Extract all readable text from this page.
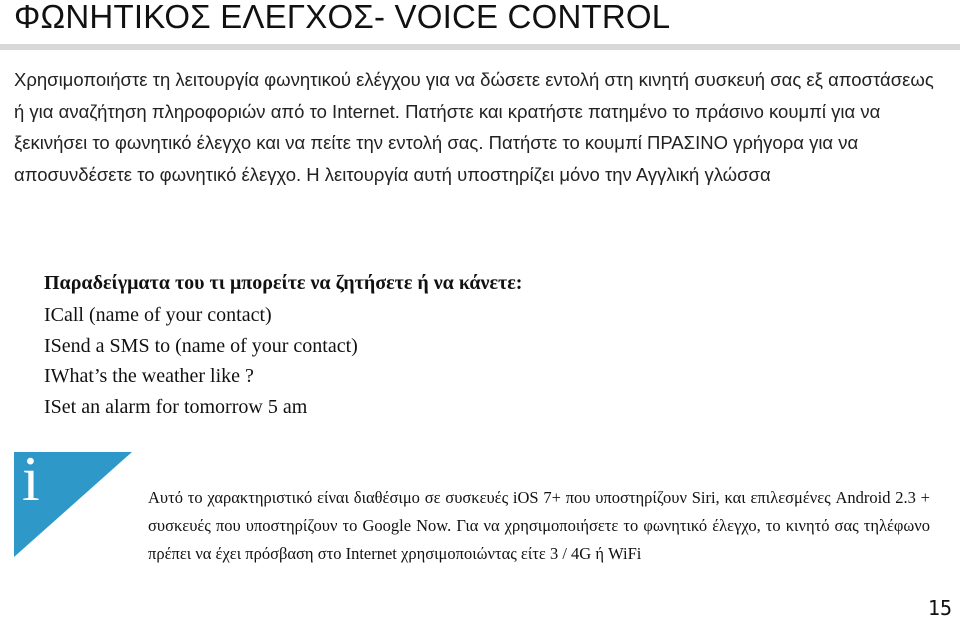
ΦΩΝΗΤΙΚΟΣ ΕΛΕΓΧΟΣ- VOICE CONTROL

Χρησιμοποιήστε τη λειτουργία φωνητικού ελέγχου για να δώσετε εντολή στη κινητή συσκευή σας εξ αποστάσεως ή για αναζήτηση πληροφοριών από το Internet. Πατήστε και κρατήστε πατημένο το πράσινο κουμπί για να ξεκινήσει το φωνητικό έλεγχο και να πείτε την εντολή σας. Πατήστε το κουμπί ΠΡΑΣΙΝΟ γρήγορα για να αποσυνδέσετε το φωνητικό έλεγχο. Η λειτουργία αυτή υποστηρίζει μόνο την Αγγλική γλώσσα

Παραδείγματα του τι μπορείτε να ζητήσετε ή να κάνετε:
ICall (name of your contact)
ISend a SMS to (name of your contact)
IWhat’s the weather like ?
ISet an alarm for tomorrow 5 am
i	Αυτό το χαρακτηριστικό είναι διαθέσιμο σε συσκευές iOS 7+ που υποστηρίζουν Siri, και επιλεσμένες Android 2.3 + συσκευές που υποστηρίζουν το Google Now. Για να χρησιμοποιήσετε το φωνητικό έλεγχο, το κινητό σας τηλέφωνο πρέπει να έχει πρόσβαση στο Internet χρησιμοποιώντας είτε 3 / 4G ή WiFi

15
